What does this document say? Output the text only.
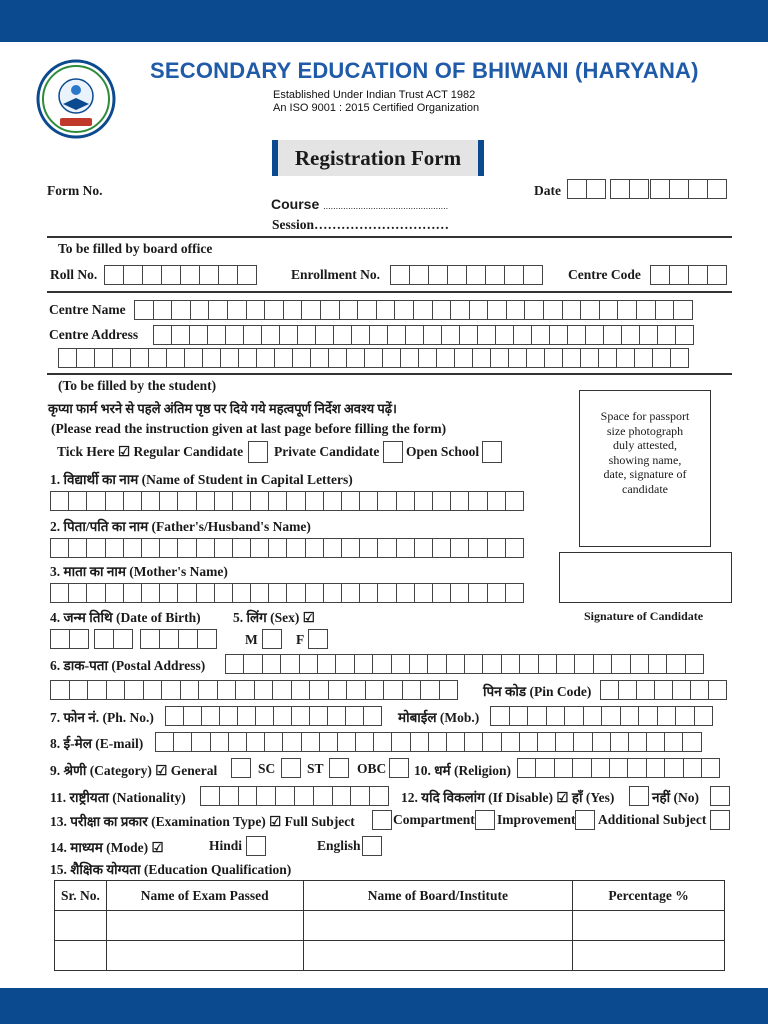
SECONDARY EDUCATION OF BHIWANI (HARYANA)
Established Under Indian Trust ACT 1982
An ISO 9001 : 2015 Certified Organization
Registration Form
Form No.	Date
Course ..................................................
Session…………………………
To be filled by board office
Roll No.	Enrollment No.	Centre Code
Centre Name
Centre Address
(To be filled by the student)
कृप्या फार्म भरने से पहले अंतिम पृष्ठ पर दिये गये महत्वपूर्ण निर्देश अवश्य पढ़ें।
(Please read the instruction given at last page before filling the form)
Space for passport size photograph duly attested, showing name, date, signature of candidate
Signature of Candidate
Tick Here ☑ Regular Candidate Private Candidate Open School
1. विद्यार्थी का नाम (Name of Student in Capital Letters)
2. पिता/पति का नाम (Father's/Husband's Name)
3. माता का नाम (Mother's Name)
4. जन्म तिथि (Date of Birth) 5. लिंग (Sex) ☑
M	F
6. डाक-पता (Postal Address)
पिन कोड (Pin Code)
7. फोन नं. (Ph. No.)	मोबाईल (Mob.)
8. ई-मेल (E-mail)
9. श्रेणी (Category) ☑ General	SC ST OBC 10. धर्म (Religion)
11. राष्ट्रीयता (Nationality)	12. यदि विकलांग (If Disable) ☑ हाँ (Yes)	नहीं (No)
13. परीक्षा का प्रकार (Examination Type) ☑ Full Subject	Compartment Improvement Additional Subject
14. माध्यम (Mode) ☑	Hindi	English
15. शैक्षिक योग्यता (Education Qualification)
Sr. No.	Name of Exam Passed	Name of Board/Institute	Percentage %
